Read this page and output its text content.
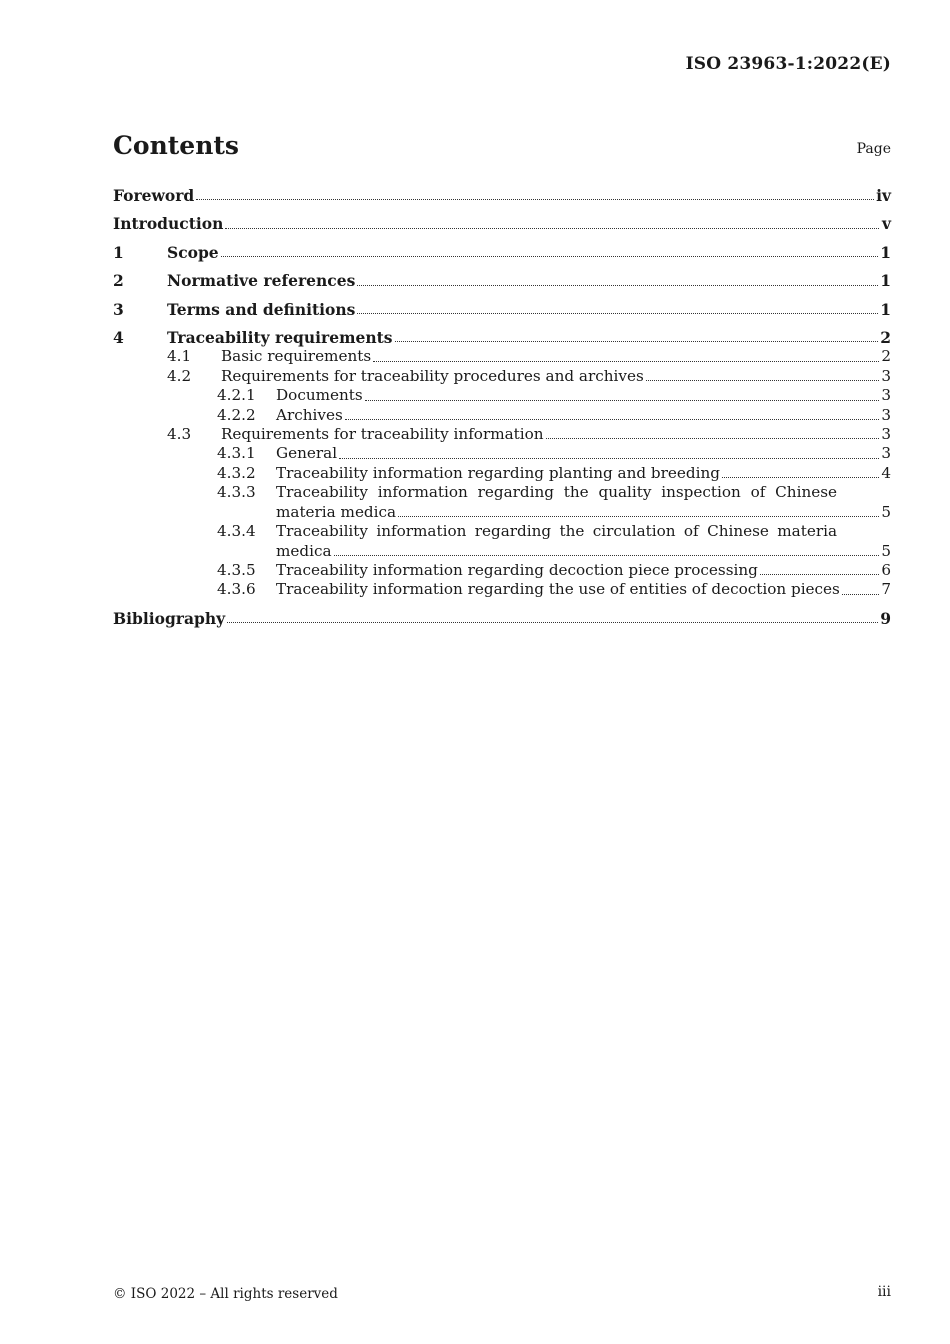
ISO 23963-1:2022(E)
Contents	Page
Foreword	iv
Introduction	v
1	Scope	1
2	Normative references	1
3	Terms and definitions	1
4	Traceability requirements	2
4.1 Basic requirements	2
4.2 Requirements for traceability procedures and archives	3
4.2.1 Documents	3
4.2.2 Archives	3
4.3 Requirements for traceability information	3
4.3.1 General	3
4.3.2 Traceability information regarding planting and breeding	4
4.3.3 Traceability information regarding the quality inspection of Chinese
materia medica	5
4.3.4 Traceability information regarding the circulation of Chinese materia
medica	5
4.3.5 Traceability information regarding decoction piece processing	6
4.3.6 Traceability information regarding the use of entities of decoction pieces	7
Bibliography	9
© ISO 2022 – All rights reserved	iii
